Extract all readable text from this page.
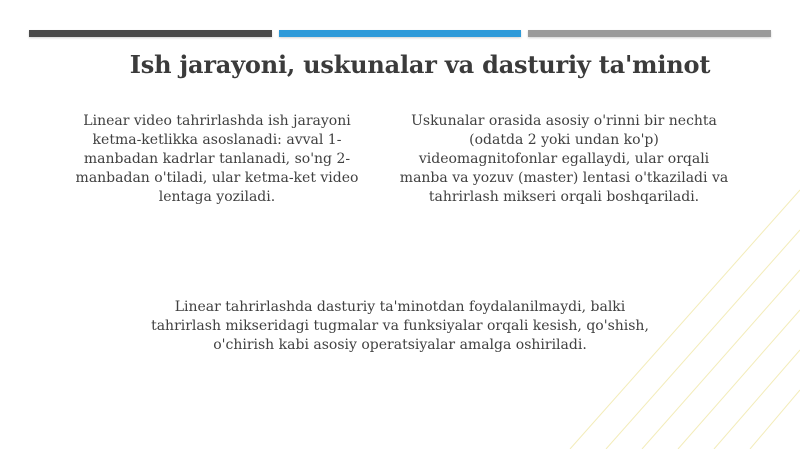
Ish jarayoni, uskunalar va dasturiy ta'minot

Linear video tahrirlashda ish jarayoni ketma-ketlikka asoslanadi: avval 1-manbadan kadrlar tanlanadi, so'ng 2-manbadan o'tiladi, ular ketma-ket video lentaga yoziladi.

Uskunalar orasida asosiy o'rinni bir nechta (odatda 2 yoki undan ko'p) videomagnitofonlar egallaydi, ular orqali manba va yozuv (master) lentasi o'tkaziladi va tahrirlash mikseri orqali boshqariladi.

Linear tahrirlashda dasturiy ta'minotdan foydalanilmaydi, balki tahrirlash mikseridagi tugmalar va funksiyalar orqali kesish, qo'shish, o'chirish kabi asosiy operatsiyalar amalga oshiriladi.
